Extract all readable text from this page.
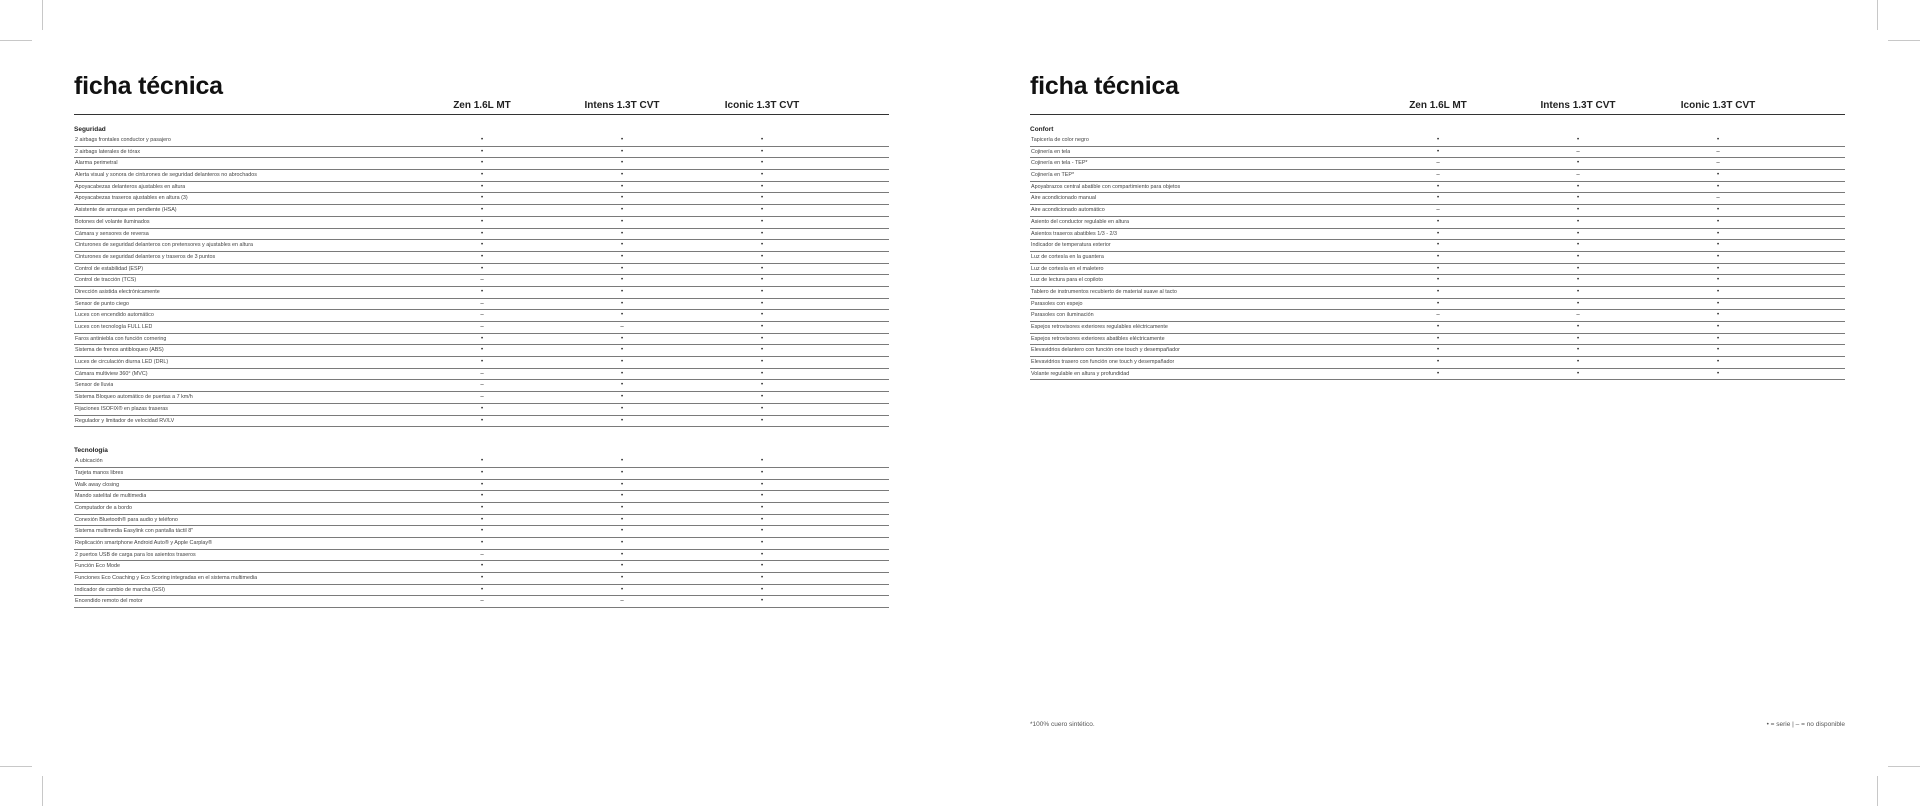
ficha técnica
Zen 1.6L MT	Intens 1.3T CVT	Iconic 1.3T CVT
Seguridad
2 airbags frontales conductor y pasajero	•	•	•
2 airbags laterales de tórax	•	•	•
Alarma perimetral	•	•	•
Alerta visual y sonora de cinturones de seguridad delanteros no abrochados	•	•	•
Apoyacabezas delanteros ajustables en altura	•	•	•
Apoyacabezas traseros ajustables en altura (3)	•	•	•
Asistente de arranque en pendiente (HSA)	•	•	•
Botones del volante iluminados	•	•	•
Cámara y sensores de reversa	•	•	•
Cinturones de seguridad delanteros con pretensores y ajustables en altura	•	•	•
Cinturones de seguridad delanteros y traseros de 3 puntos	•	•	•
Control de estabilidad (ESP)	•	•	•
Control de tracción (TCS)	–	•	•
Dirección asistida electrónicamente	•	•	•
Sensor de punto ciego	–	•	•
Luces con encendido automático	–	•	•
Luces con tecnología FULL LED	–	–	•
Faros antiniebla con función cornering	•	•	•
Sistema de frenos antibloqueo (ABS)	•	•	•
Luces de circulación diurna LED (DRL)	•	•	•
Cámara multiview 360° (MVC)	–	•	•
Sensor de lluvia	–	•	•
Sistema Bloqueo automático de puertas a 7 km/h	–	•	•
Fijaciones ISOFIX® en plazas traseras	•	•	•
Regulador y limitador de velocidad RV/LV	•	•	•
Tecnología
A ubicación	•	•	•
Tarjeta manos libres	•	•	•
Walk away closing	•	•	•
Mando satelital de multimedia	•	•	•
Computador de a bordo	•	•	•
Conexión Bluetooth® para audio y teléfono	•	•	•
Sistema multimedia Easylink con pantalla táctil 8"	•	•	•
Replicación smartphone Android Auto® y Apple Carplay®	•	•	•
2 puertos USB de carga para los asientos traseros	–	•	•
Función Eco Mode	•	•	•
Funciones Eco Coaching y Eco Scoring integradas en el sistema multimedia	•	•	•
Indicador de cambio de marcha (GSI)	•	•	•
Encendido remoto del motor	–	–	•
ficha técnica
Zen 1.6L MT	Intens 1.3T CVT	Iconic 1.3T CVT
Confort
Tapicería de color negro	•	•	•
Cojinería en tela	•	–	–
Cojinería en tela - TEP*	–	•	–
Cojinería en TEP*	–	–	•
Apoyabrazos central abatible con compartimiento para objetos	•	•	•
Aire acondicionado manual	•	•	–
Aire acondicionado automático	–	•	•
Asiento del conductor regulable en altura	•	•	•
Asientos traseros abatibles 1/3 - 2/3	•	•	•
Indicador de temperatura exterior	•	•	•
Luz de cortesía en la guantera	•	•	•
Luz de cortesía en el maletero	•	•	•
Luz de lectura para el copiloto	•	•	•
Tablero de instrumentos recubierto de material suave al tacto	•	•	•
Parasoles con espejo	•	•	•
Parasoles con iluminación	–	–	•
Espejos retrovisores exteriores regulables eléctricamente	•	•	•
Espejos retrovisores exteriores abatibles eléctricamente	•	•	•
Elevavidrios delantero con función one touch y desempañador	•	•	•
Elevavidrios trasero con función one touch y desempañador	•	•	•
Volante regulable en altura y profundidad	•	•	•
*100% cuero sintético.	• = serie | – = no disponible
